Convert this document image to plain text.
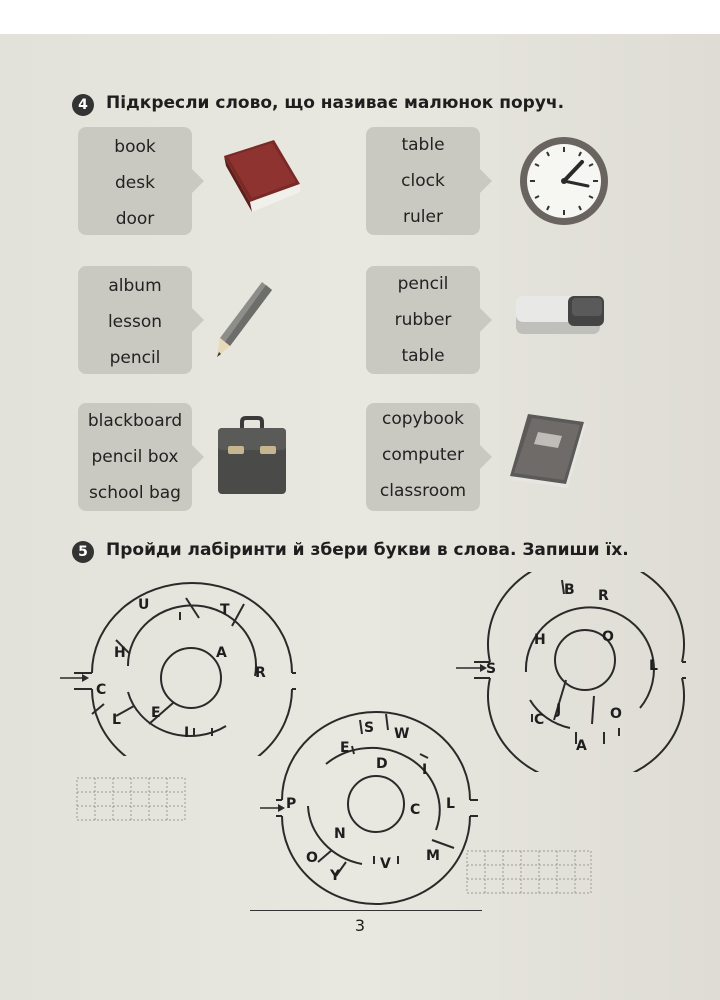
4	Підкресли слово, що називає малюнок поруч.
book
desk
door
table
clock
ruler
album
lesson
pencil
pencil
rubber
table
blackboard
pencil box
school bag
copybook
computer
classroom
5	Пройди лабіринти й збери букви в слова. Запиши їх.
U	T
H	A
R
C
E
L
I
B R
H	O
S	L
J
C	O
A
S W
E
D I
P	L
C
N
O	M
V
Y
3
